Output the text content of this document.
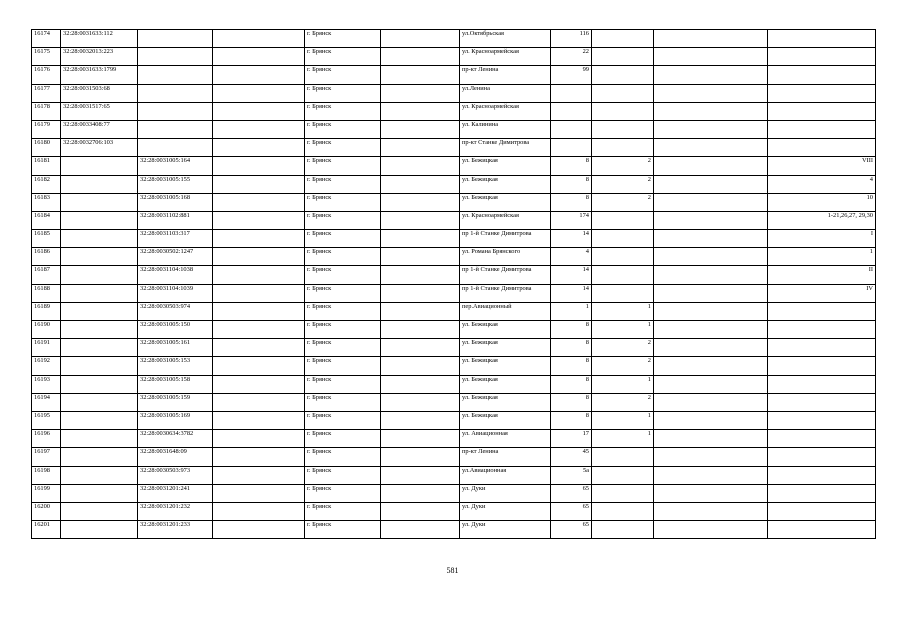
16174	32:28:0031633:112			г. Брянск		ул.Октябрьская	116			
16175	32:28:0032013:223			г. Брянск		ул. Красноармейская	22			
16176	32:28:0031633:1799			г. Брянск		пр-кт Ленина	99			
16177	32:28:0031503:68			г. Брянск		ул.Ленина				
16178	32:28:0031517:65			г. Брянск		ул. Красноармейская				
16179	32:28:0033408:77			г. Брянск		ул. Калинина				
16180	32:28:0032706:103			г. Брянск		пр-кт Станке Димитрова				
16181		32:28:0031005:164		г. Брянск		ул. Бежицкая	8	2		VIII
16182		32:28:0031005:155		г. Брянск		ул. Бежицкая	8	2		4
16183		32:28:0031005:168		г. Брянск		ул. Бежицкая	8	2		10
16184		32:28:0031102:881		г. Брянск		ул. Красноармейская	174			1-21,26,27, 29,30
16185		32:28:0031103:317		г. Брянск		пр 1-й Станке Димитрова	14			I
16186		32:28:0030502:1247		г. Брянск		ул. Романа Брянского	4			1
16187		32:28:0031104:1038		г. Брянск		пр 1-й Станке Димитрова	14			II
16188		32:28:0031104:1039		г. Брянск		пр 1-й Станке Димитрова	14			IV
16189		32:28:0030503:974		г. Брянск		пер.Авиационный	1	1		
16190		32:28:0031005:150		г. Брянск		ул. Бежицкая	8	1		
16191		32:28:0031005:161		г. Брянск		ул. Бежицкая	8	2		
16192		32:28:0031005:153		г. Брянск		ул. Бежицкая	8	2		
16193		32:28:0031005:158		г. Брянск		ул. Бежицкая	8	1		
16194		32:28:0031005:159		г. Брянск		ул. Бежицкая	8	2		
16195		32:28:0031005:169		г. Брянск		ул. Бежицкая	8	1		
16196		32:28:0030634:3782		г. Брянск		ул. Авиационная	17	1		
16197		32:28:0031648:09		г. Брянск		пр-кт Ленина	45			
16198		32:28:0030503:973		г. Брянск		ул.Авиационная	5а			
16199		32:28:0031201:241		г. Брянск		ул. Дуки	65			
16200		32:28:0031201:232		г. Брянск		ул. Дуки	65			
16201		32:28:0031201:233		г. Брянск		ул. Дуки	65			
581
